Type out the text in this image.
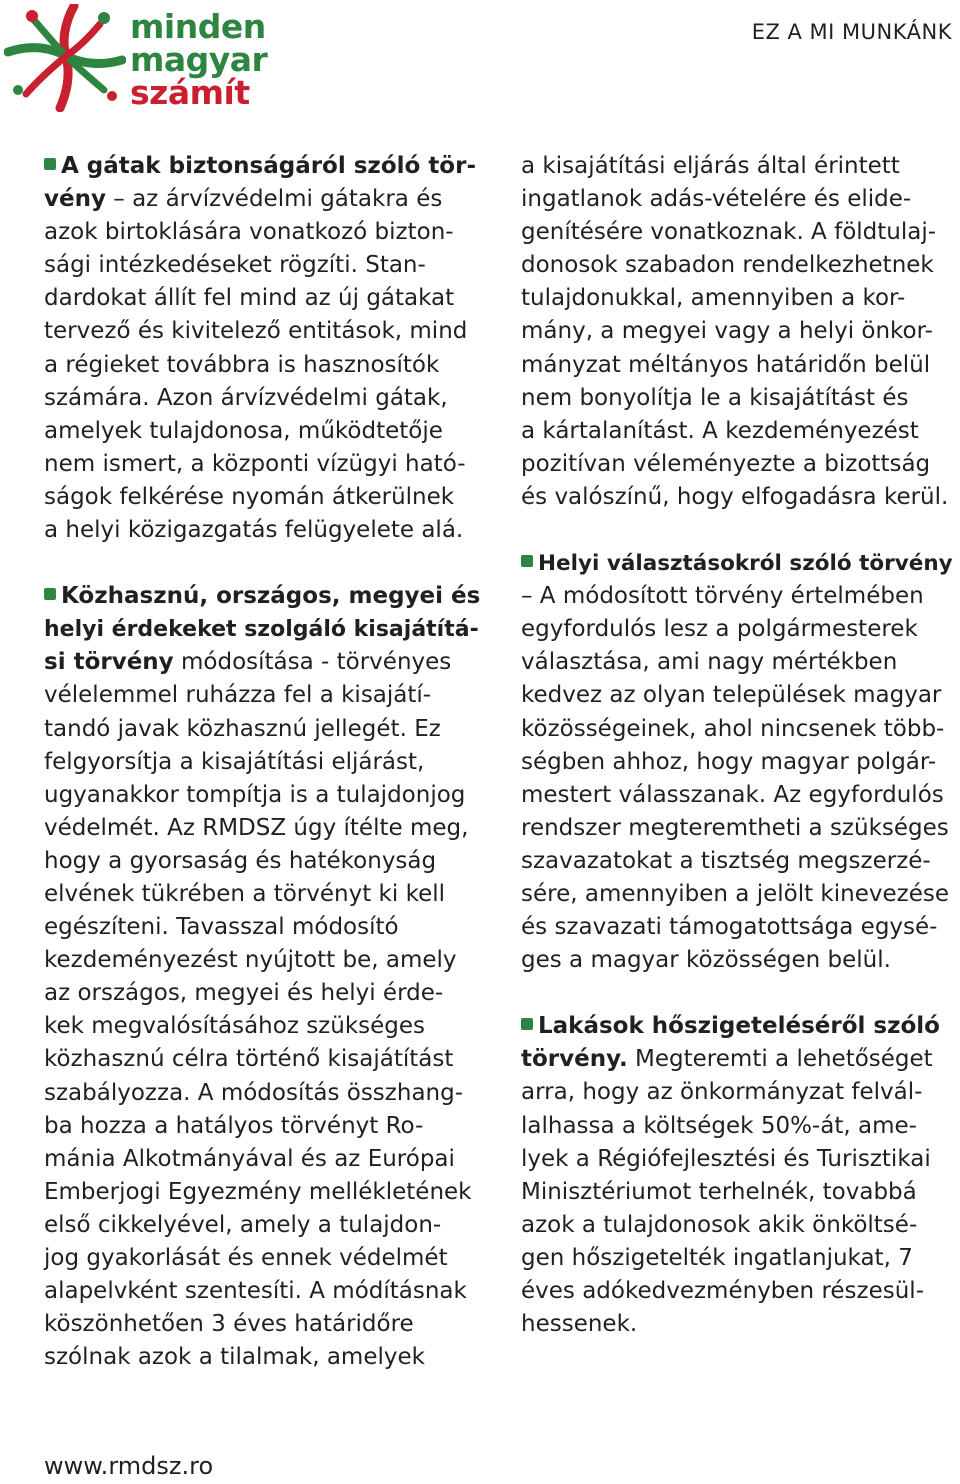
minden
magyar
számít
EZ A MI MUNKÁNK
A gátak biztonságáról szóló tör-
vény – az árvízvédelmi gátakra és
azok birtoklására vonatkozó bizton-
sági intézkedéseket rögzíti. Stan-
dardokat állít fel mind az új gátakat
tervező és kivitelező entitások, mind
a régieket továbbra is hasznosítók
számára. Azon árvízvédelmi gátak,
amelyek tulajdonosa, működtetője
nem ismert, a központi vízügyi ható-
ságok felkérése nyomán átkerülnek
a helyi közigazgatás felügyelete alá.
Közhasznú, országos, megyei és
helyi érdekeket szolgáló kisajátítá-
si törvény módosítása - törvényes
vélelemmel ruházza fel a kisajátí-
tandó javak közhasznú jellegét. Ez
felgyorsítja a kisajátítási eljárást,
ugyanakkor tompítja is a tulajdonjog
védelmét. Az RMDSZ úgy ítélte meg,
hogy a gyorsaság és hatékonyság
elvének tükrében a törvényt ki kell
egészíteni. Tavasszal módosító
kezdeményezést nyújtott be, amely
az országos, megyei és helyi érde-
kek megvalósításához szükséges
közhasznú célra történő kisajátítást
szabályozza. A módosítás összhang-
ba hozza a hatályos törvényt Ro-
mánia Alkotmányával és az Európai
Emberjogi Egyezmény mellékletének
első cikkelyével, amely a tulajdon-
jog gyakorlását és ennek védelmét
alapelvként szentesíti. A módításnak
köszönhetően 3 éves határidőre
szólnak azok a tilalmak, amelyek
a kisajátítási eljárás által érintett
ingatlanok adás-vételére és elide-
genítésére vonatkoznak. A földtulaj-
donosok szabadon rendelkezhetnek
tulajdonukkal, amennyiben a kor-
mány, a megyei vagy a helyi önkor-
mányzat méltányos határidőn belül
nem bonyolítja le a kisajátítást és
a kártalanítást. A kezdeményezést
pozitívan véleményezte a bizottság
és valószínű, hogy elfogadásra kerül.
Helyi választásokról szóló törvény
– A módosított törvény értelmében
egyfordulós lesz a polgármesterek
választása, ami nagy mértékben
kedvez az olyan települések magyar
közösségeinek, ahol nincsenek több-
ségben ahhoz, hogy magyar polgár-
mestert válasszanak. Az egyfordulós
rendszer megteremtheti a szükséges
szavazatokat a tisztség megszerzé-
sére, amennyiben a jelölt kinevezése
és szavazati támogatottsága egysé-
ges a magyar közösségen belül.
Lakások hőszigeteléséről szóló
törvény. Megteremti a lehetőséget
arra, hogy az önkormányzat felvál-
lalhassa a költségek 50%-át, ame-
lyek a Régiófejlesztési és Turisztikai
Minisztériumot terhelnék, tovabbá
azok a tulajdonosok akik önköltsé-
gen hőszigetelték ingatlanjukat, 7
éves adókedvezményben részesül-
hessenek.
www.rmdsz.ro
